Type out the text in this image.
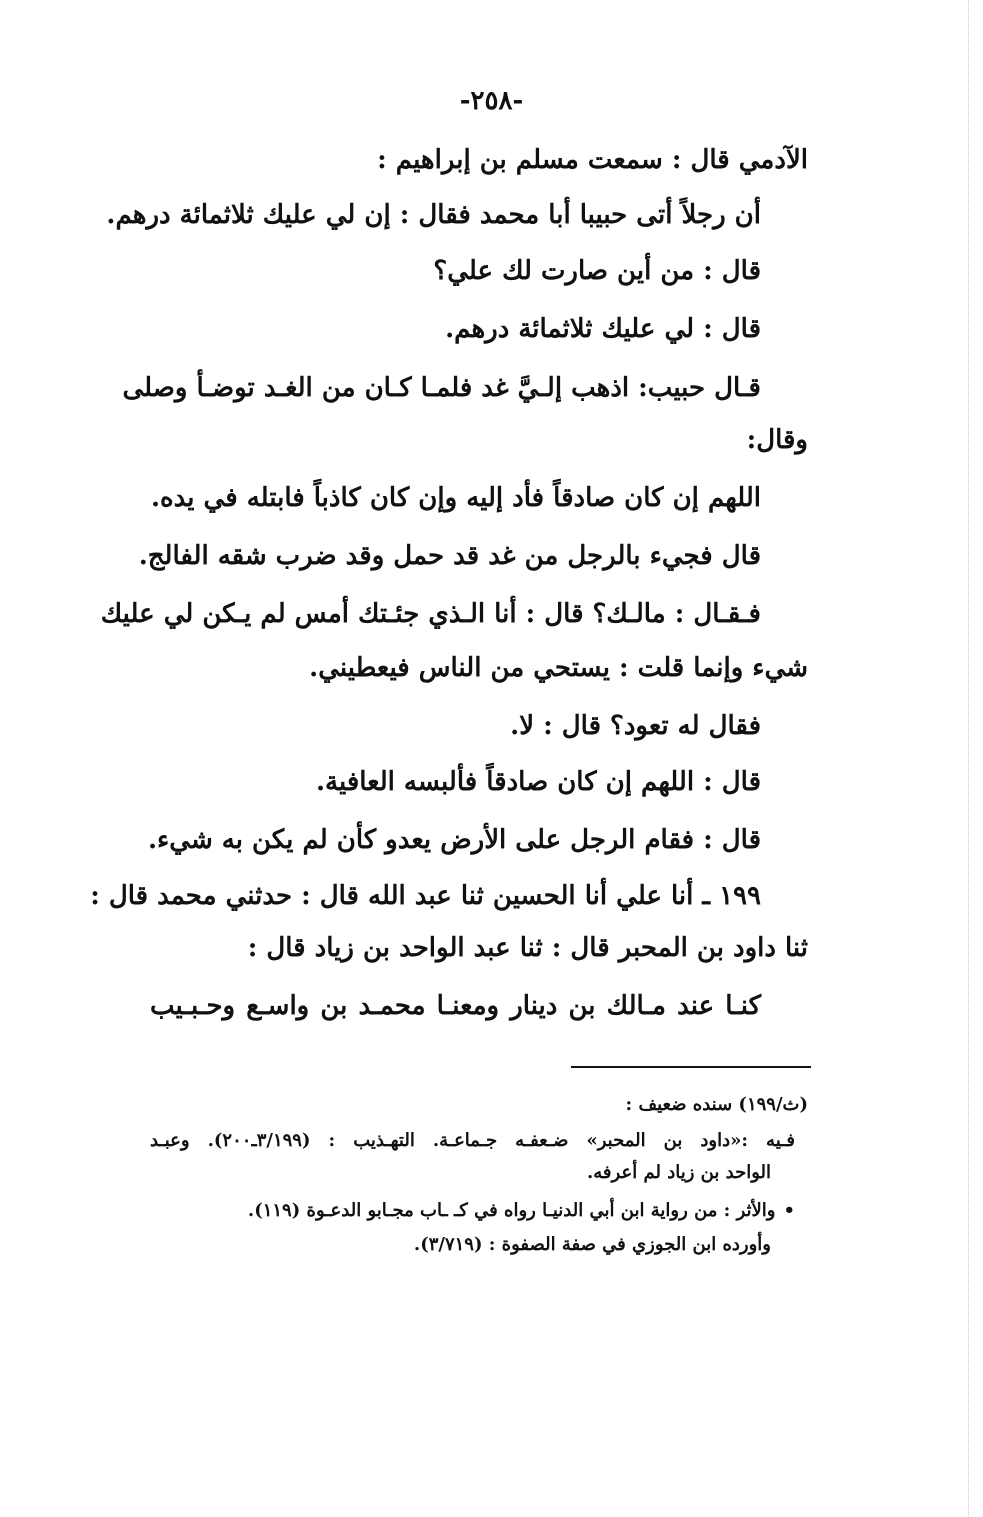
-٢٥٨-
الآدمي قال : سمعت مسلم بن إبراهيم :
أن رجلاً أتى حبيبا أبا محمد فقال : إن لي عليك ثلاثمائة درهم.
قال : من أين صارت لك علي؟
قال : لي عليك ثلاثمائة درهم.
قـال حبيب: اذهب إلـيَّ غد فلمـا كـان من الغـد توضـأ وصلى
وقال:
اللهم إن كان صادقاً فأد إليه وإن كان كاذباً فابتله في يده.
قال فجيء بالرجل من غد قد حمل وقد ضرب شقه الفالج.
فـقـال : مالـك؟ قال : أنا الـذي جئـتك أمس لم يـكن لي عليك
شيء وإنما قلت : يستحي من الناس فيعطيني.
فقال له تعود؟ قال : لا.
قال : اللهم إن كان صادقاً فألبسه العافية.
قال : فقام الرجل على الأرض يعدو كأن لم يكن به شيء.
١٩٩ ـ أنا علي أنا الحسين ثنا عبد الله قال : حدثني محمد قال :
ثنا داود بن المحبر قال : ثنا عبد الواحد بن زياد قال :
كنـا عند مـالك بن دينار ومعنـا محمـد بن واسـع وحـبـيب
(ث/١٩٩) سنده ضعيف :
فـيه :«داود بن المحبر» ضـعفـه جـماعـة. التهـذيب : (٣/١٩٩ـ٢٠٠). وعبـد
الواحد بن زياد لم أعرفه.
•والأثر : من رواية ابن أبي الدنيـا رواه في كـ ـاب مجـابو الدعـوة (١١٩).
وأورده ابن الجوزي في صفة الصفوة : (٣/٧١٩).
